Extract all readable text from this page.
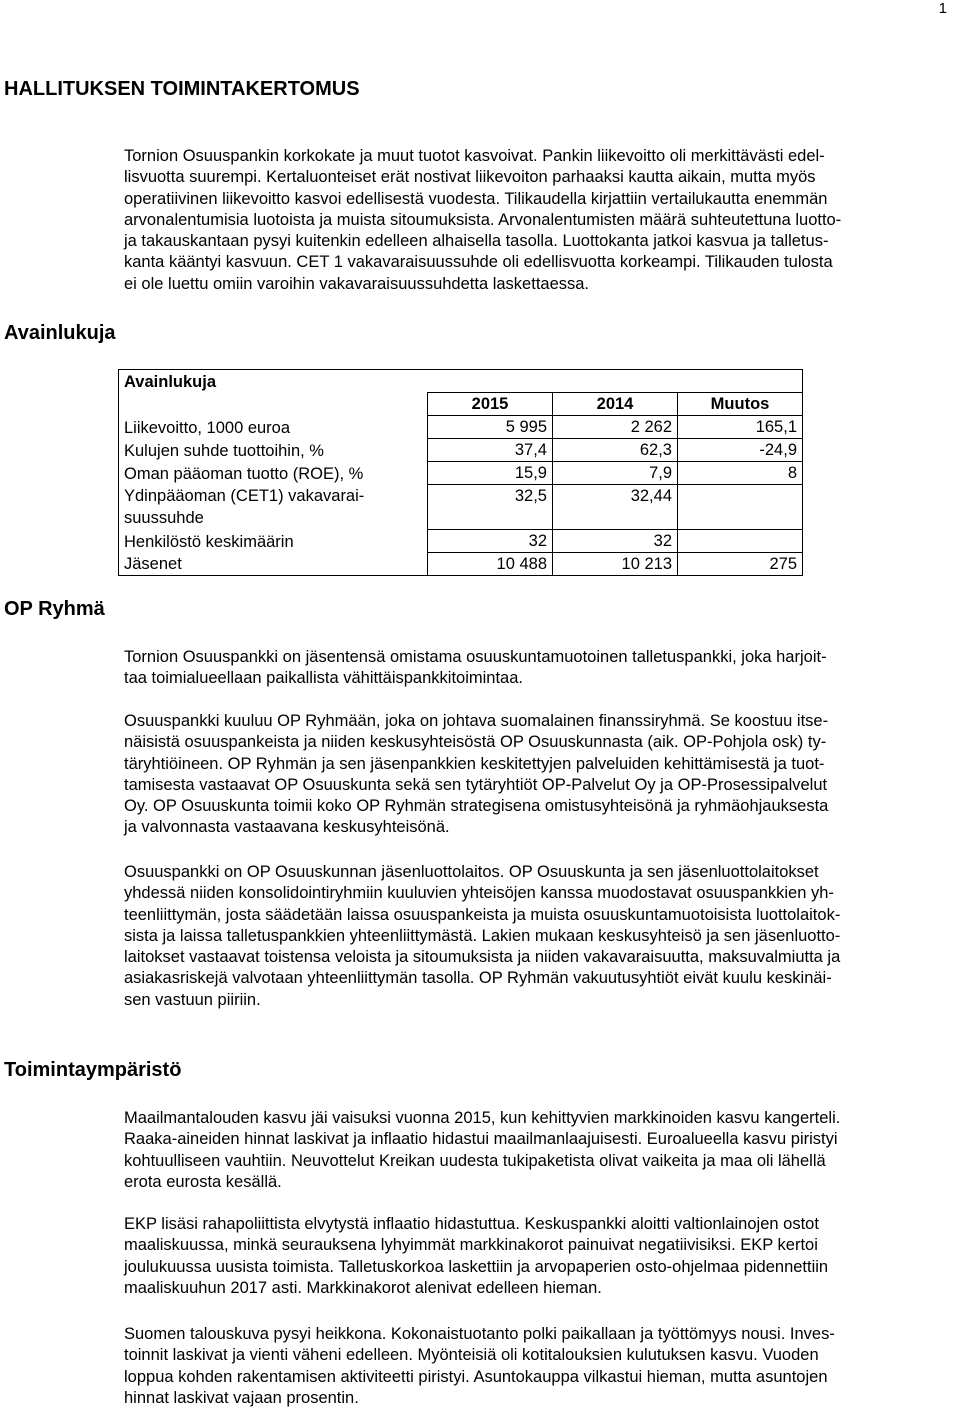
1
HALLITUKSEN TOIMINTAKERTOMUS

Tornion Osuuspankin korkokate ja muut tuotot kasvoivat. Pankin liikevoitto oli merkittävästi edel-
lisvuotta suurempi. Kertaluonteiset erät nostivat liikevoiton parhaaksi kautta aikain, mutta myös
operatiivinen liikevoitto kasvoi edellisestä vuodesta. Tilikaudella kirjattiin vertailukautta enemmän
arvonalentumisia luotoista ja muista sitoumuksista. Arvonalentumisten määrä suhteutettuna luotto-
ja takauskantaan pysyi kuitenkin edelleen alhaisella tasolla. Luottokanta jatkoi kasvua ja talletus-
kanta kääntyi kasvuun. CET 1 vakavaraisuussuhde oli edellisvuotta korkeampi. Tilikauden tulosta
ei ole luettu omiin varoihin vakavaraisuussuhdetta laskettaessa.

Avainlukuja
Avainlukuja			
	2015	2014	Muutos
Liikevoitto, 1000 euroa	5 995	2 262	165,1
Kulujen suhde tuottoihin, %	37,4	62,3	-24,9
Oman pääoman tuotto (ROE), %	15,9	7,9	8
Ydinpääoman (CET1) vakavarai-
suussuhde	32,5	32,44	
Henkilöstö keskimäärin	32	32	
Jäsenet	10 488	10 213	275
OP Ryhmä

Tornion Osuuspankki on jäsentensä omistama osuuskuntamuotoinen talletuspankki, joka harjoit-
taa toimialueellaan paikallista vähittäispankkitoimintaa.

Osuuspankki kuuluu OP Ryhmään, joka on johtava suomalainen finanssiryhmä. Se koostuu itse-
näisistä osuuspankeista ja niiden keskusyhteisöstä OP Osuuskunnasta (aik. OP-Pohjola osk) ty-
täryhtiöineen. OP Ryhmän ja sen jäsenpankkien keskitettyjen palveluiden kehittämisestä ja tuot-
tamisesta vastaavat OP Osuuskunta sekä sen tytäryhtiöt OP-Palvelut Oy ja OP-Prosessipalvelut
Oy. OP Osuuskunta toimii koko OP Ryhmän strategisena omistusyhteisönä ja ryhmäohjauksesta
ja valvonnasta vastaavana keskusyhteisönä.

Osuuspankki on OP Osuuskunnan jäsenluottolaitos. OP Osuuskunta ja sen jäsenluottolaitokset
yhdessä niiden konsolidointiryhmiin kuuluvien yhteisöjen kanssa muodostavat osuuspankkien yh-
teenliittymän, josta säädetään laissa osuuspankeista ja muista osuuskuntamuotoisista luottolaitok-
sista ja laissa talletuspankkien yhteenliittymästä. Lakien mukaan keskusyhteisö ja sen jäsenluotto-
laitokset vastaavat toistensa veloista ja sitoumuksista ja niiden vakavaraisuutta, maksuvalmiutta ja
asiakasriskejä valvotaan yhteenliittymän tasolla. OP Ryhmän vakuutusyhtiöt eivät kuulu keskinäi-
sen vastuun piiriin.

Toimintaympäristö

Maailmantalouden kasvu jäi vaisuksi vuonna 2015, kun kehittyvien markkinoiden kasvu kangerteli.
Raaka-aineiden hinnat laskivat ja inflaatio hidastui maailmanlaajuisesti. Euroalueella kasvu piristyi
kohtuulliseen vauhtiin. Neuvottelut Kreikan uudesta tukipaketista olivat vaikeita ja maa oli lähellä
erota eurosta kesällä.

EKP lisäsi rahapoliittista elvytystä inflaatio hidastuttua. Keskuspankki aloitti valtionlainojen ostot
maaliskuussa, minkä seurauksena lyhyimmät markkinakorot painuivat negatiivisiksi. EKP kertoi
joulukuussa uusista toimista. Talletuskorkoa laskettiin ja arvopaperien osto-ohjelmaa pidennettiin
maaliskuuhun 2017 asti. Markkinakorot alenivat edelleen hieman.

Suomen talouskuva pysyi heikkona. Kokonaistuotanto polki paikallaan ja työttömyys nousi. Inves-
toinnit laskivat ja vienti väheni edelleen. Myönteisiä oli kotitalouksien kulutuksen kasvu. Vuoden
loppua kohden rakentamisen aktiviteetti piristyi. Asuntokauppa vilkastui hieman, mutta asuntojen
hinnat laskivat vajaan prosentin.
